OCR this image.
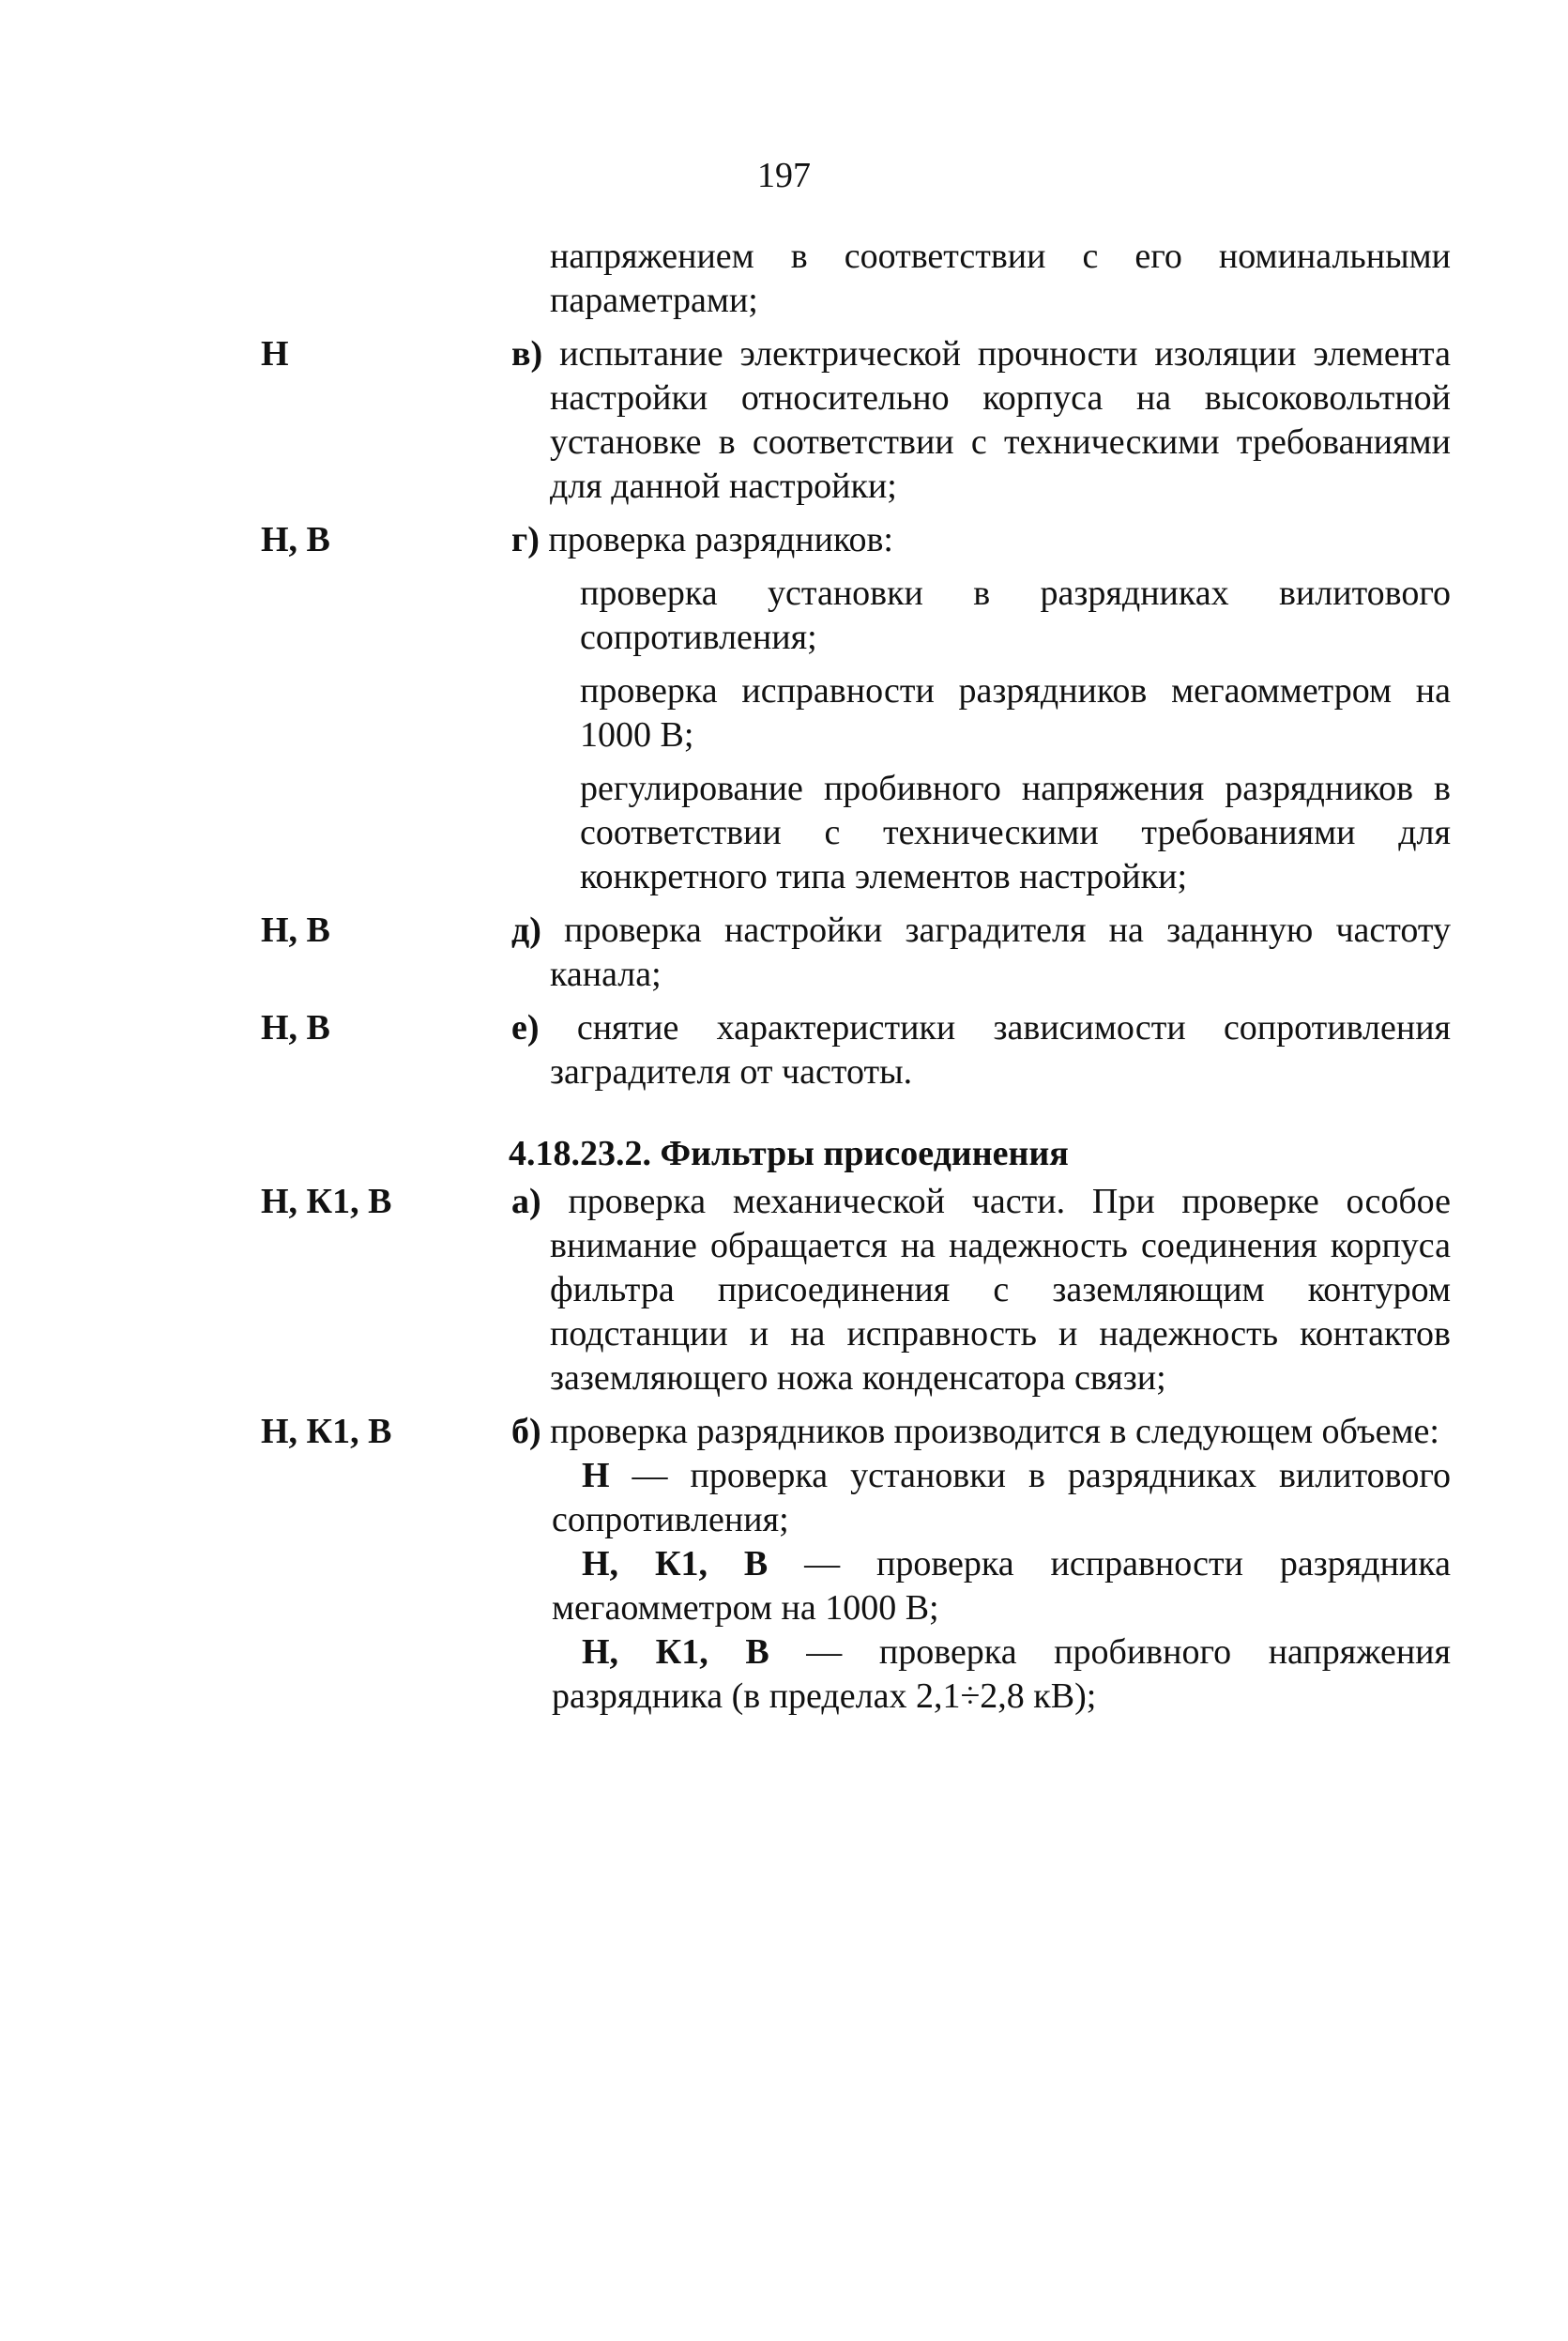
197
напряжением в соответствии с его номинальными параметрами;
Н	в) испытание электрической прочности изоляции элемента настройки относительно корпуса на высоковольтной установке в соответствии с техническими требованиями для данной настройки;
Н, В	г) проверка разрядников:
проверка установки в разрядниках вилитового сопротивления;
проверка исправности разрядников мегаомметром на 1000 В;
регулирование пробивного напряжения разрядников в соответствии с техническими требованиями для конкретного типа элементов настройки;
Н, В	д) проверка настройки заградителя на заданную частоту канала;
Н, В	е) снятие характеристики зависимости сопротивления заградителя от частоты.
4.18.23.2. Фильтры присоединения
Н, К1, В	а) проверка механической части. При проверке особое внимание обращается на надежность соединения корпуса фильтра присоединения с заземляющим контуром подстанции и на исправность и надежность контактов заземляющего ножа конденсатора связи;
Н, К1, В	б) проверка разрядников производится в следующем объеме:
Н — проверка установки в разрядниках вилитового сопротивления;
Н, К1, В — проверка исправности разрядника мегаомметром на 1000 В;
Н, К1, В — проверка пробивного напряжения разрядника (в пределах 2,1÷2,8 кВ);
